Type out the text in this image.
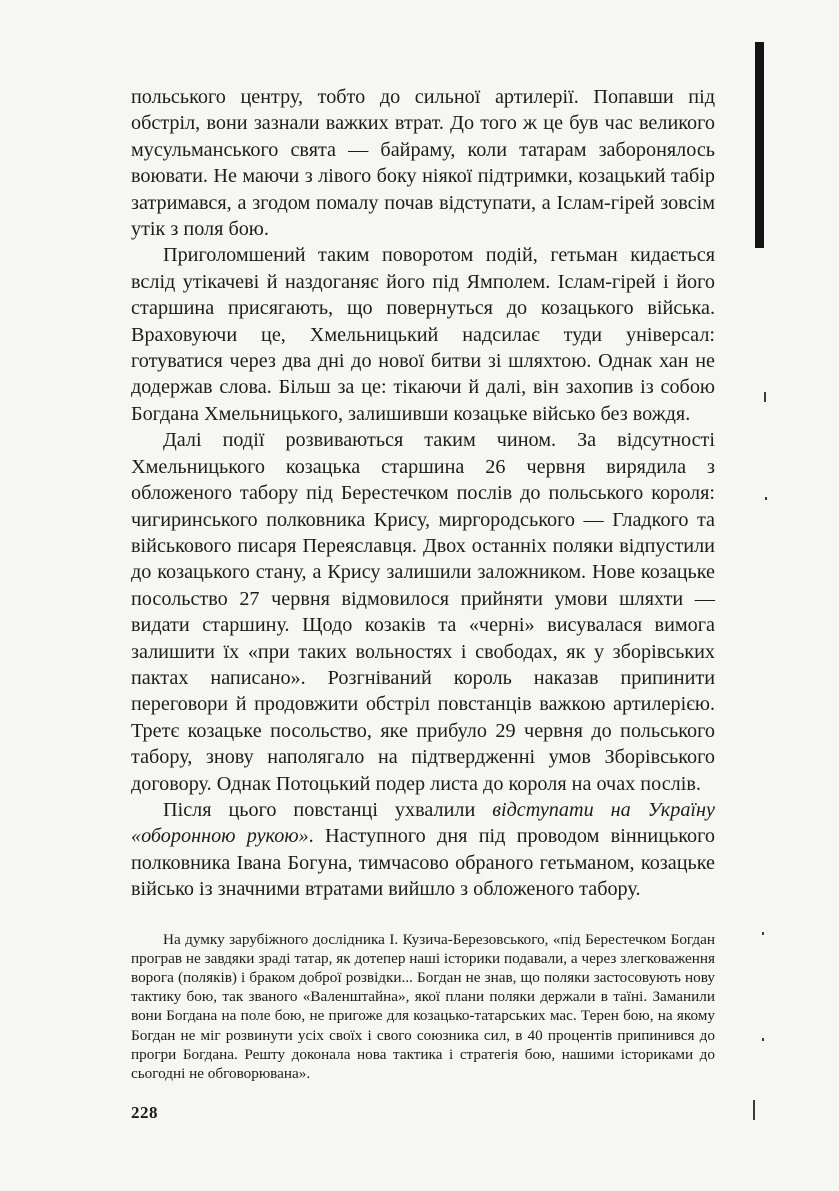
польського центру, тобто до сильної артилерії. Попавши під обстріл, вони зазнали важких втрат. До того ж це був час великого мусульманського свята — байраму, коли татарам заборонялось воювати. Не маючи з лівого боку ніякої підтримки, козацький табір затримався, а згодом помалу почав відступати, а Іслам-гірей зовсім утік з поля бою.

Приголомшений таким поворотом подій, гетьман кидається вслід утікачеві й наздоганяє його під Ямполем. Іслам-гірей і його старшина присягають, що повернуться до козацького війська. Враховуючи це, Хмельницький надсилає туди універсал: готуватися через два дні до нової битви зі шляхтою. Однак хан не додержав слова. Більш за це: тікаючи й далі, він захопив із собою Богдана Хмельницького, залишивши козацьке військо без вождя.

Далі події розвиваються таким чином. За відсутності Хмельницького козацька старшина 26 червня вирядила з обложеного табору під Берестечком послів до польського короля: чигиринського полковника Крису, миргородського — Гладкого та військового писаря Переяславця. Двох останніх поляки відпустили до козацького стану, а Крису залишили заложником. Нове козацьке посольство 27 червня відмовилося прийняти умови шляхти — видати старшину. Щодо козаків та «черні» висувалася вимога залишити їх «при таких вольностях і свободах, як у зборівських пактах написано». Розгніваний король наказав припинити переговори й продовжити обстріл повстанців важкою артилерією. Третє козацьке посольство, яке прибуло 29 червня до польського табору, знову наполягало на підтвердженні умов Зборівського договору. Однак Потоцький подер листа до короля на очах послів.

Після цього повстанці ухвалили відступати на Україну «оборонною рукою». Наступного дня під проводом вінницького полковника Івана Богуна, тимчасово обраного гетьманом, козацьке військо із значними втратами вийшло з обложеного табору.

На думку зарубіжного дослідника І. Кузича-Березовського, «під Берестечком Богдан програв не завдяки зраді татар, як дотепер наші історики подавали, а через злегковаження ворога (поляків) і браком доброї розвідки... Богдан не знав, що поляки застосовують нову тактику бою, так званого «Валенштайна», якої плани поляки держали в таїні. Заманили вони Богдана на поле бою, не пригоже для козацько-татарських мас. Терен бою, на якому Богдан не міг розвинути усіх своїх і свого союзника сил, в 40 процентів припинився до прогри Богдана. Решту доконала нова тактика і стратегія бою, нашими істориками до сьогодні не обговорювана».

228
